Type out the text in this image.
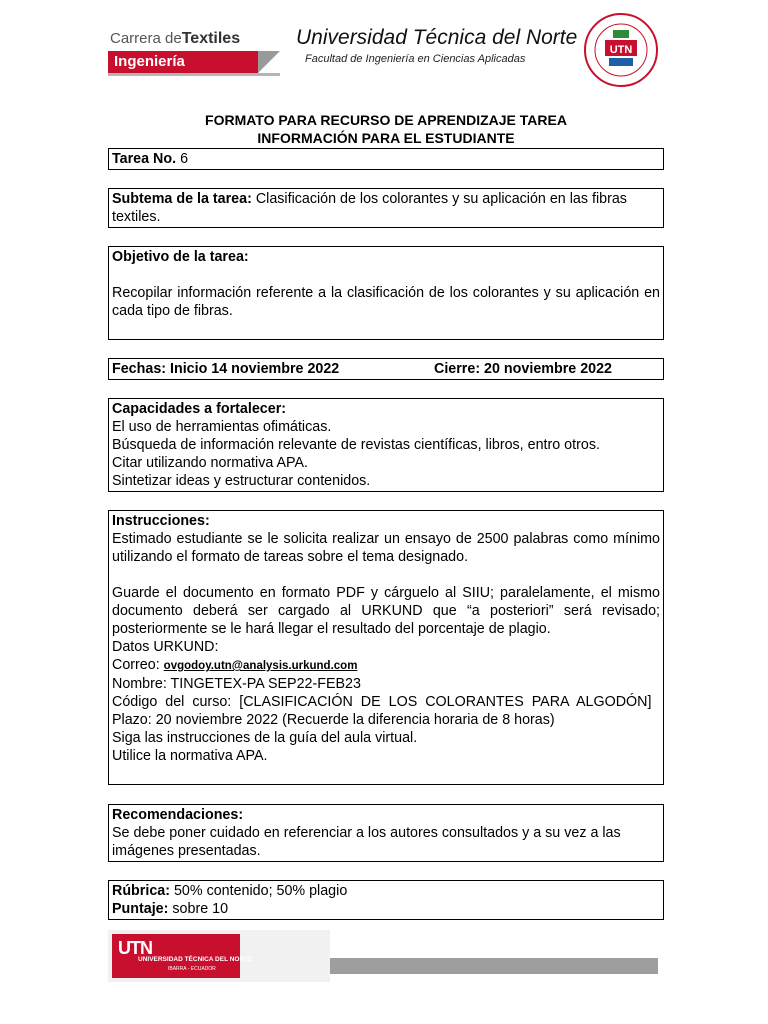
Carrera deTextiles
Ingeniería
Universidad Técnica del Norte
Facultad de Ingeniería en Ciencias Aplicadas
UTN
FORMATO PARA RECURSO DE APRENDIZAJE TAREA
INFORMACIÓN PARA EL ESTUDIANTE
Tarea No. 6
Subtema de la tarea: Clasificación de los colorantes y su aplicación en las fibras textiles.

Objetivo de la tarea:

Recopilar información referente a la clasificación de los colorantes y su aplicación en cada tipo de fibras.

Fechas: Inicio 14 noviembre 2022	Cierre: 20 noviembre 2022

Capacidades a fortalecer:

El uso de herramientas ofimáticas.

Búsqueda de información relevante de revistas científicas, libros, entro otros.

Citar utilizando normativa APA.

Sintetizar ideas y estructurar contenidos.

Instrucciones:

Estimado estudiante se le solicita realizar un ensayo de 2500 palabras como mínimo utilizando el formato de tareas sobre el tema designado.

Guarde el documento en formato PDF y cárguelo al SIIU; paralelamente, el mismo documento deberá ser cargado al URKUND que “a posteriori” será revisado; posteriormente se le hará llegar el resultado del porcentaje de plagio.

Datos URKUND:

Correo: ovgodoy.utn@analysis.urkund.com

Nombre: TINGETEX-PA SEP22-FEB23

Código del curso: [CLASIFICACIÓN DE LOS COLORANTES PARA ALGODÓN]

Plazo: 20 noviembre 2022 (Recuerde la diferencia horaria de 8 horas)

Siga las instrucciones de la guía del aula virtual.

Utilice la normativa APA.

Recomendaciones:

Se debe poner cuidado en referenciar a los autores consultados y a su vez a las imágenes presentadas.

Rúbrica: 50% contenido; 50% plagio

Puntaje: sobre 10

UTN
UNIVERSIDAD TÉCNICA DEL NORTE
IBARRA - ECUADOR
